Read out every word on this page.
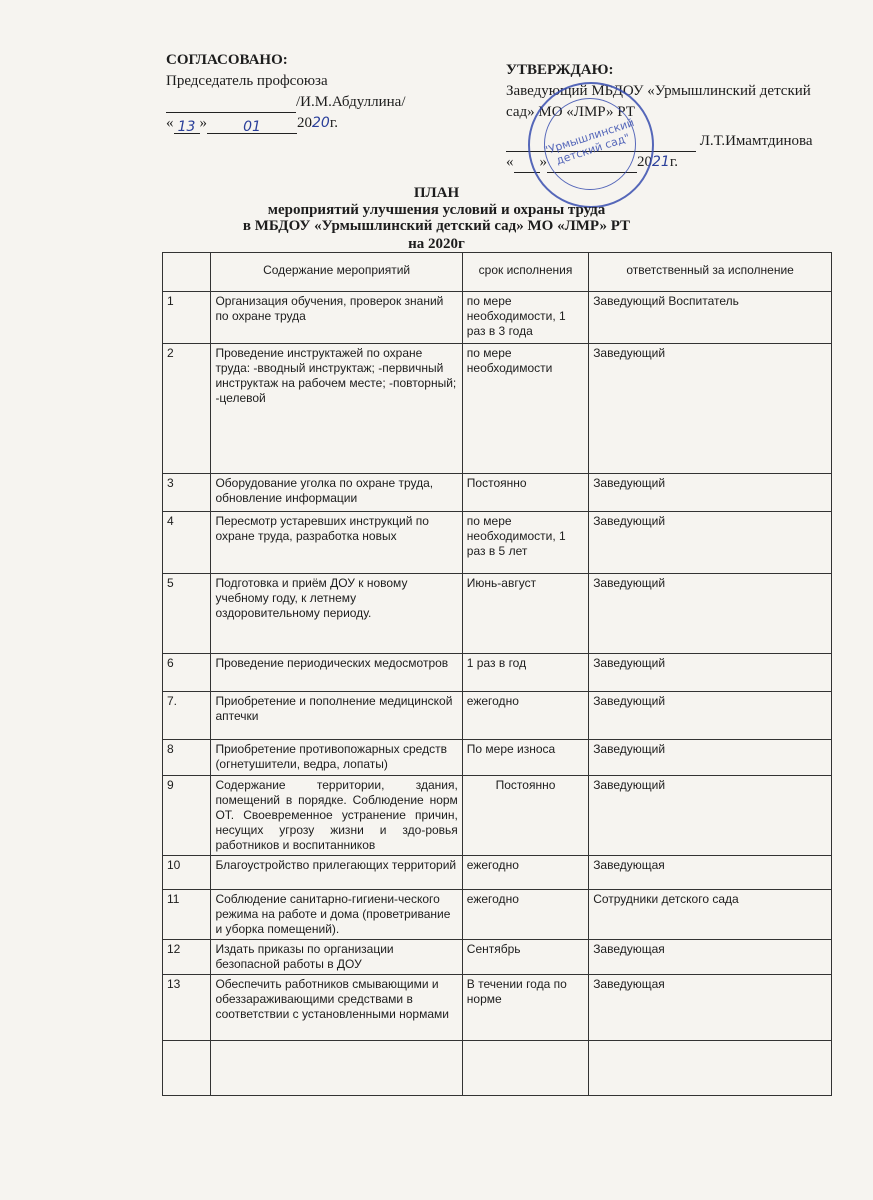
СОГЛАСОВАНО:
Председатель профсоюза
/И.М.Абдуллина/
« 13 »	01 2020г.
УТВЕРЖДАЮ:
Заведующий МБДОУ «Урмышлинский детский
сад» МО «ЛМР» РТ
Л.Т.Имамтдинова
« »	2021г.
"Урмышлинский детский сад"
ПЛАН
мероприятий улучшения условий и охраны труда
в МБДОУ «Урмышлинский детский сад» МО «ЛМР» РТ
на 2020г
	Содержание мероприятий	срок исполнения	ответственный за исполнение
1	Организация обучения, проверок знаний по охране труда	по мере необходимости, 1 раз в 3 года	Заведующий Воспитатель
2	Проведение инструктажей по охране труда: -вводный инструктаж; -первичный инструктаж на рабочем месте; -повторный; -целевой	по мере необходимости	Заведующий
3	Оборудование уголка по охране труда, обновление информации	Постоянно	Заведующий
4	Пересмотр устаревших инструкций по охране труда, разработка новых	по мере необходимости, 1 раз в 5 лет	Заведующий
5	Подготовка и приём ДОУ к новому учебному году, к летнему оздоровительному периоду.	Июнь-август	Заведующий
6	Проведение периодических медосмотров	1 раз в год	Заведующий
7.	Приобретение и пополнение медицинской аптечки	ежегодно	Заведующий
8	Приобретение противопожарных средств (огнетушители, ведра, лопаты)	По мере износа	Заведующий
9	Содержание территории, здания, помещений в порядке. Соблюдение норм ОТ. Своевременное устранение причин, несущих угрозу жизни и здо-ровья работников и воспитанников	Постоянно	Заведующий
10	Благоустройство прилегающих территорий	ежегодно	Заведующая
11	Соблюдение санитарно-гигиени-ческого режима на работе и дома (проветривание и уборка помещений).	ежегодно	Сотрудники детского сада
12	Издать приказы по организации безопасной работы в ДОУ	Сентябрь	Заведующая
13	Обеспечить работников смывающими и обеззараживающими средствами в соответствии с установленными нормами	В течении года по норме	Заведующая
